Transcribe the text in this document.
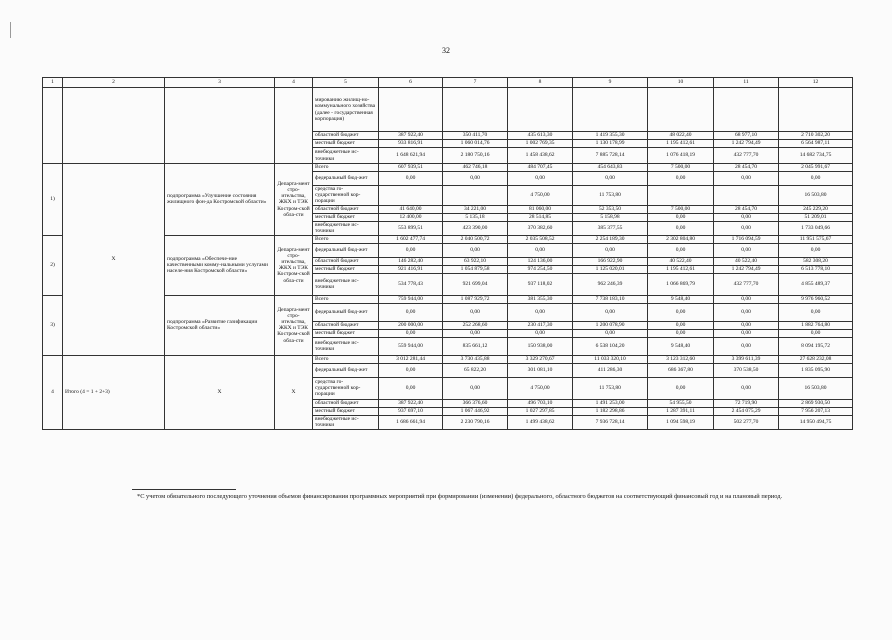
32
1	2	3	4	5	6	7	8	9	10	11	12
				мированию жилищ-но-коммунального хозяйства (далее - государственная корпорация)							
				областной бюджет	387 922,40	350 411,70	435 613,30	1 419 355,30	48 022,40	68 977,10	2 710 302,20
				местный бюджет	933 816,91	1 060 014,76	1 002 769,35	1 130 178,99	1 195 412,61	1 242 794,49	6 564 987,11
				внебюджетные ис-точники	1 648 621,94	2 180 750,16	1 458 438,62	7 885 728,14	1 076 418,19	432 777,70	14 682 734,75
1)	X	подпрограмма «Улучшение состояния жилищного фон-да Костромской области»	Департа-мент стро-ительства, ЖКХ и ТЭК Костром-ской обла-сти	Всего	607 939,51	462 746,18	484 707,45	454 643,83	7 500,00	28 454,70	2 045 991,67
				федеральный бюд-жет	0,00	0,00	0,00	0,00	0,00	0,00	0,00
				средства го-сударственной кор-порации			4 750,00	11 753,80			16 503,80
				областной бюджет	41 640,00	34 221,00	81 060,00	52 353,50	7 500,00	28 454,70	245 229,20
				местный бюджет	12 400,00	5 135,18	28 514,85	5 158,98	0,00	0,00	51 209,01
				внебюджетные ис-точники	553 899,51	423 390,00	370 382,60	385 377,55	0,00	0,00	1 733 049,66
2)		подпрограмма «Обеспече-ние качественными комму-нальными услугами населе-ния Костромской области»	Департа-мент стро-ительства, ЖКХ и ТЭК Костром-ской обла-сти	Всего	1 602 477,74	2 040 500,72	2 035 508,52	2 254 189,30	2 302 804,80	1 716 094,59	11 951 575,67
				федеральный бюд-жет	0,00	0,00	0,00	0,00	0,00	0,00	0,00
				областной бюджет	146 282,40	63 922,10	124 136,00	166 922,90	40 522,40	40 522,40	582 308,20
				местный бюджет	921 416,91	1 054 879,58	974 254,50	1 125 020,01	1 195 412,61	1 242 794,49	6 513 778,10
				внебюджетные ис-точники	534 778,43	921 699,04	937 118,02	962 246,39	1 066 869,79	432 777,70	4 855 489,37
3)		подпрограмма «Развитие газификации Костромской области»	Департа-мент стро-ительства, ЖКХ и ТЭК Костром-ской обла-сти	Всего	759 944,00	1 087 929,72	381 355,30	7 738 183,10	9 548,40	0,00	9 976 960,52
				федеральный бюд-жет	0,00	0,00	0,00	0,00	0,00	0,00	0,00
				областной бюджет	200 000,00	252 268,60	230 417,30	1 200 078,90	0,00	0,00	1 882 764,80
				местный бюджет	0,00	0,00	0,00	0,00	0,00	0,00	0,00
				внебюджетные ис-точники	559 944,00	835 661,12	150 938,00	6 538 104,20	9 548,40	0,00	8 094 195,72
4	Итого (4 = 1 + 2+3)	X	X	Всего	3 012 281,44	3 730 435,88	3 329 270,67	11 033 320,10	3 123 312,60	3 399 611,39	27 628 232,08
				федеральный бюд-жет	0,00	65 822,20	301 081,10	411 286,30	686 367,80	370 538,50	1 835 095,90
				средства го-сударственной кор-порации	0,00	0,00	4 750,00	11 753,80	0,00	0,00	16 503,80
				областной бюджет	387 922,40	366 376,60	496 703,10	1 491 253,00	54 955,50	72 719,90	2 869 930,50
				местный бюджет	937 697,10	1 067 446,92	1 027 297,85	1 182 298,86	1 287 391,11	2 454 075,29	7 956 207,13
				внебюджетные ис-точники	1 686 661,94	2 230 790,16	1 499 438,62	7 936 728,14	1 094 598,19	502 277,70	14 950 494,75
*С учетом обязательного последующего уточнения объемов финансирования программных мероприятий при формировании (изменении) федерального, областного бюджетов на соответствующий финансовый год и на плановый период.
